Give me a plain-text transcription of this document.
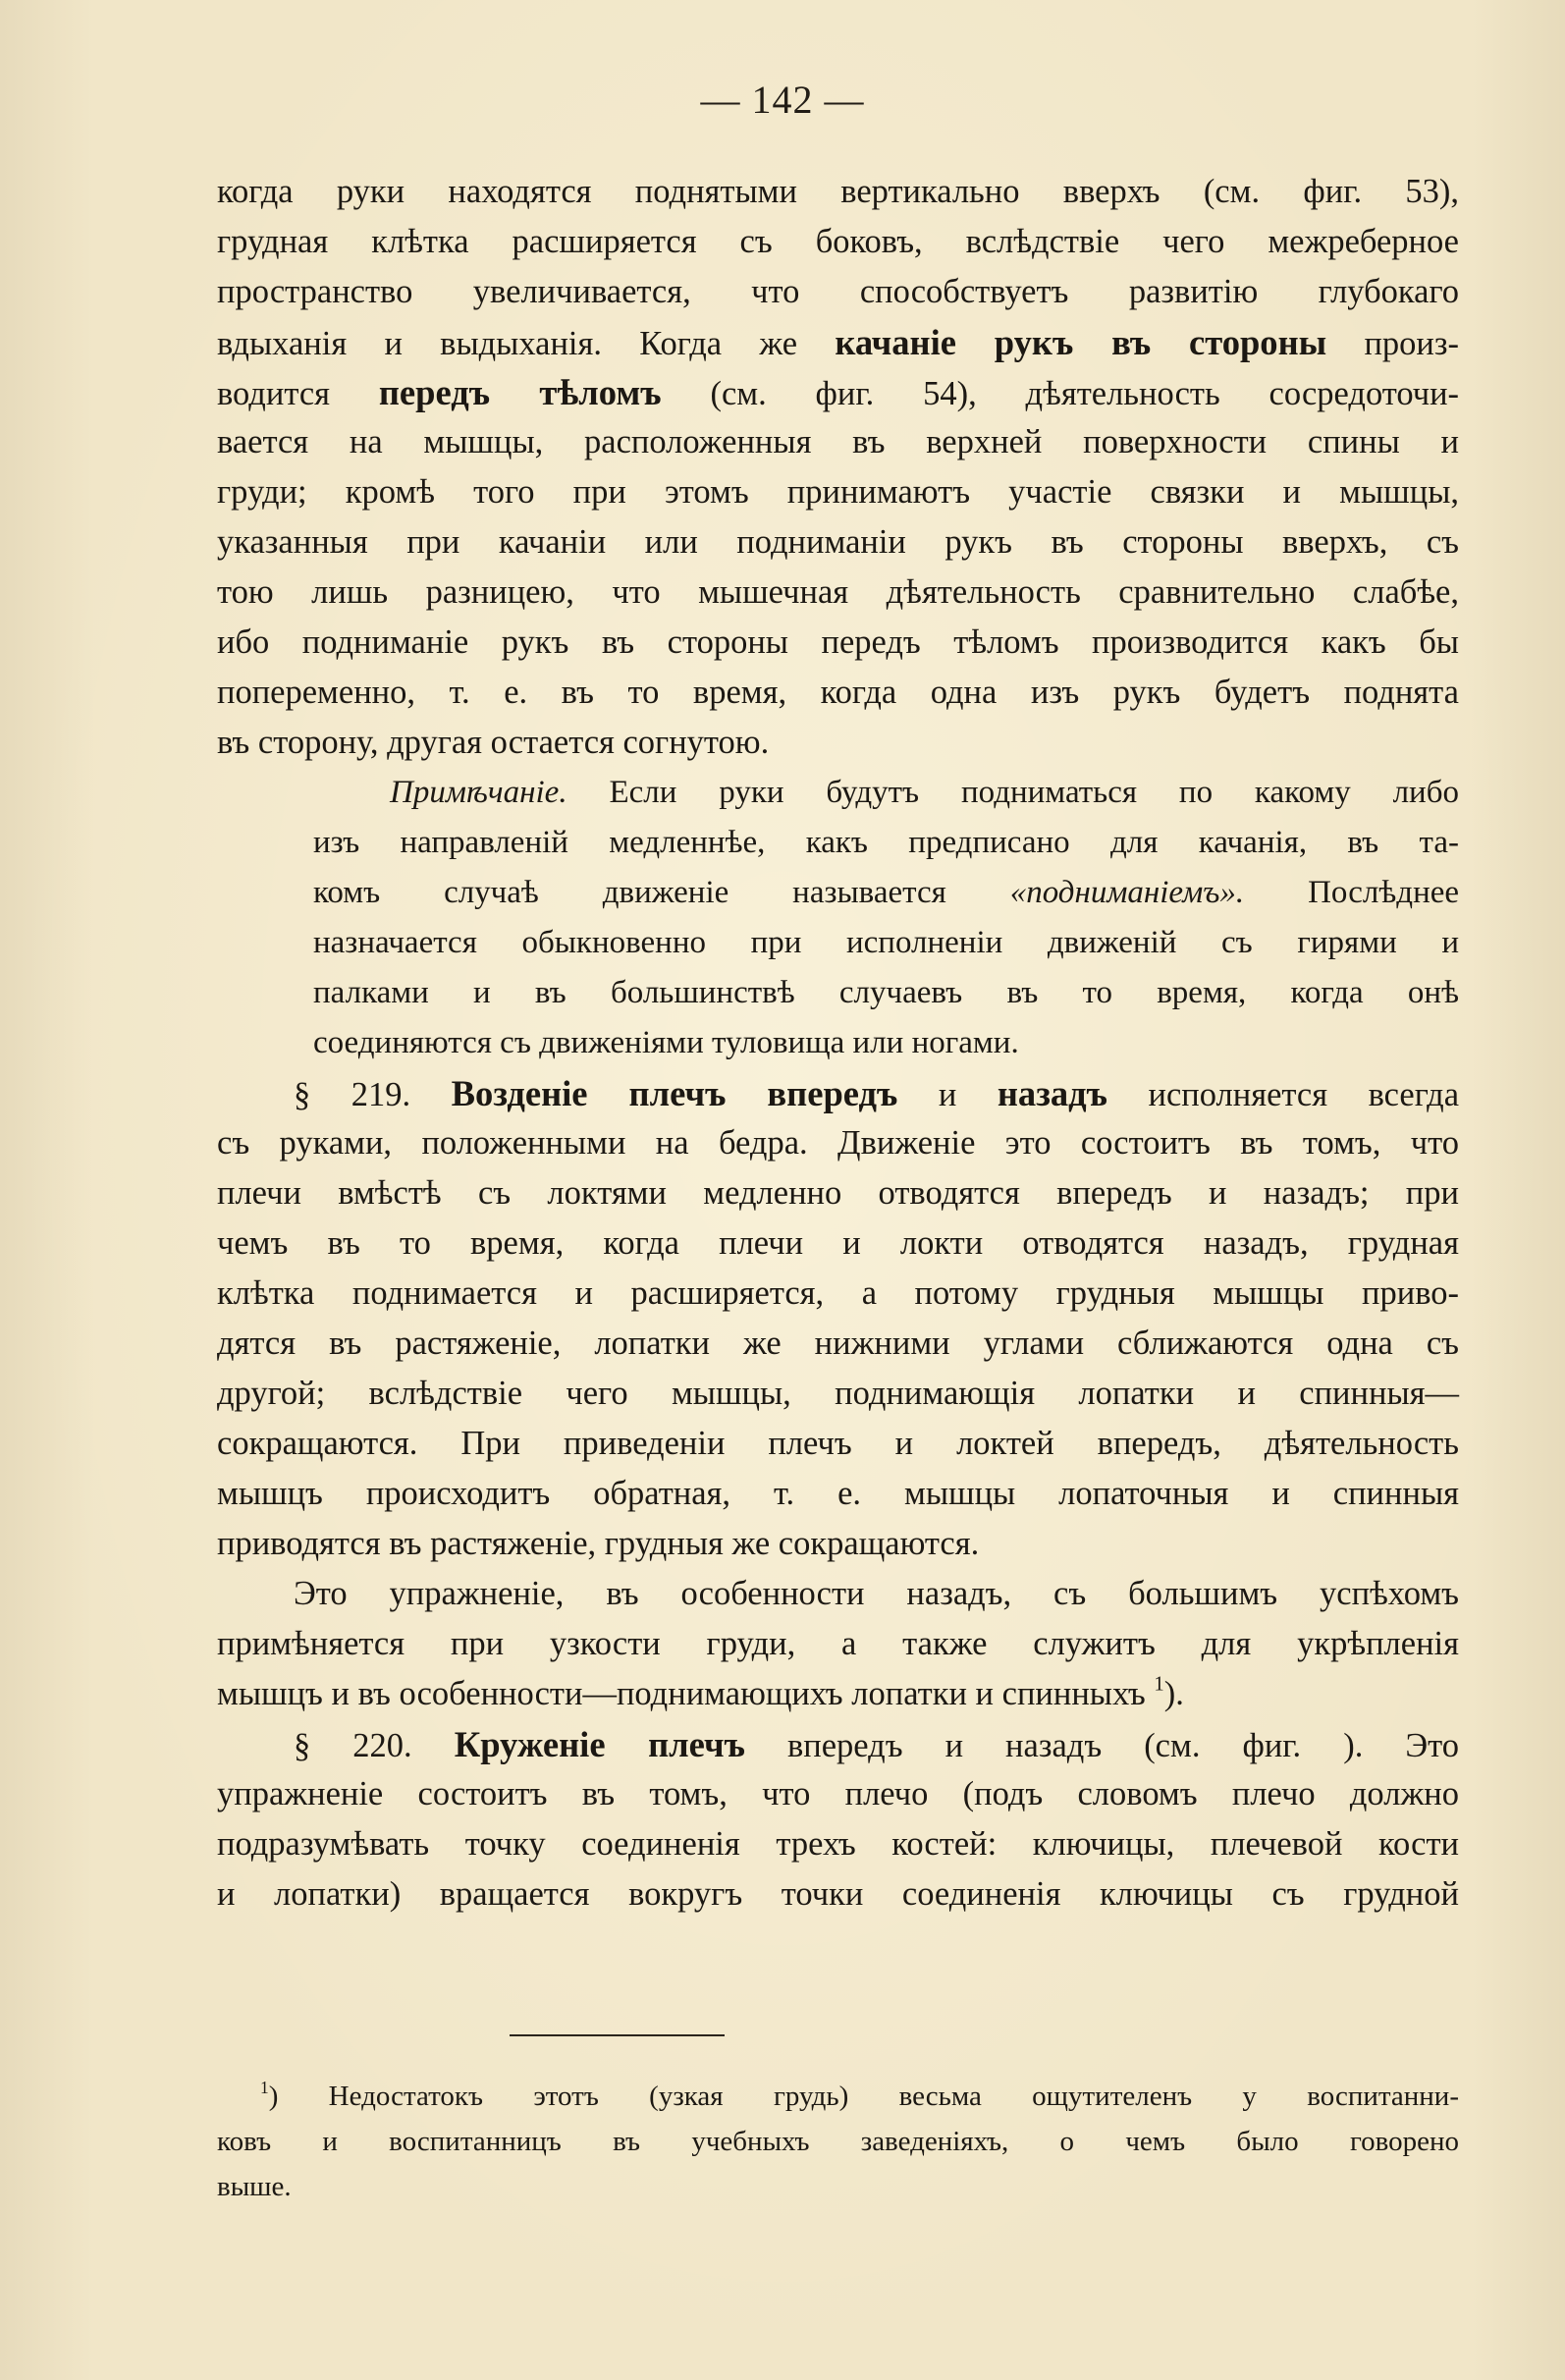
— 142 —
когда руки находятся поднятыми вертикально вверхъ (см. фиг. 53),
грудная клѣтка расширяется съ боковъ, вслѣдствіе чего межреберное
пространство увеличивается, что способствуетъ развитію глубокаго
вдыханія и выдыханія. Когда же качаніе рукъ въ стороны произ-
водится передъ тѣломъ (см. фиг. 54), дѣятельность сосредоточи-
вается на мышцы, расположенныя въ верхней поверхности спины и
груди; кромѣ того при этомъ принимаютъ участіе связки и мышцы,
указанныя при качаніи или подниманіи рукъ въ стороны вверхъ, съ
тою лишь разницею, что мышечная дѣятельность сравнительно слабѣе,
ибо подниманіе рукъ въ стороны передъ тѣломъ производится какъ бы
попеременно, т. е. въ то время, когда одна изъ рукъ будетъ поднята
въ сторону, другая остается согнутою.
Примѣчаніе. Если руки будутъ подниматься по какому либо
изъ направленій медленнѣе, какъ предписано для качанія, въ та-
комъ случаѣ движеніе называется «подниманіемъ». Послѣднее
назначается обыкновенно при исполненіи движеній съ гирями и
палками и въ большинствѣ случаевъ въ то время, когда онѣ
соединяются съ движеніями туловища или ногами.
§ 219. Возденіе плечъ впередъ и назадъ исполняется всегда
съ руками, положенными на бедра. Движеніе это состоитъ въ томъ, что
плечи вмѣстѣ съ локтями медленно отводятся впередъ и назадъ; при
чемъ въ то время, когда плечи и локти отводятся назадъ, грудная
клѣтка поднимается и расширяется, а потому грудныя мышцы приво-
дятся въ растяженіе, лопатки же нижними углами сближаются одна съ
другой; вслѣдствіе чего мышцы, поднимающія лопатки и спинныя—
сокращаются. При приведеніи плечъ и локтей впередъ, дѣятельность
мышцъ происходитъ обратная, т. е. мышцы лопаточныя и спинныя
приводятся въ растяженіе, грудныя же сокращаются.
Это упражненіе, въ особенности назадъ, съ большимъ успѣхомъ
примѣняется при узкости груди, а также служитъ для укрѣпленія
мышцъ и въ особенности—поднимающихъ лопатки и спинныхъ $^1$).
§ 220. Круженіе плечъ впередъ и назадъ (см. фиг. ). Это
упражненіе состоитъ въ томъ, что плечо (подъ словомъ плечо должно
подразумѣвать точку соединенія трехъ костей: ключицы, плечевой кости
и лопатки) вращается вокругъ точки соединенія ключицы съ грудной
$^1$) Недостатокъ этотъ (узкая грудь) весьма ощутителенъ у воспитанни-
ковъ и воспитанницъ въ учебныхъ заведеніяхъ, о чемъ было говорено
выше.
